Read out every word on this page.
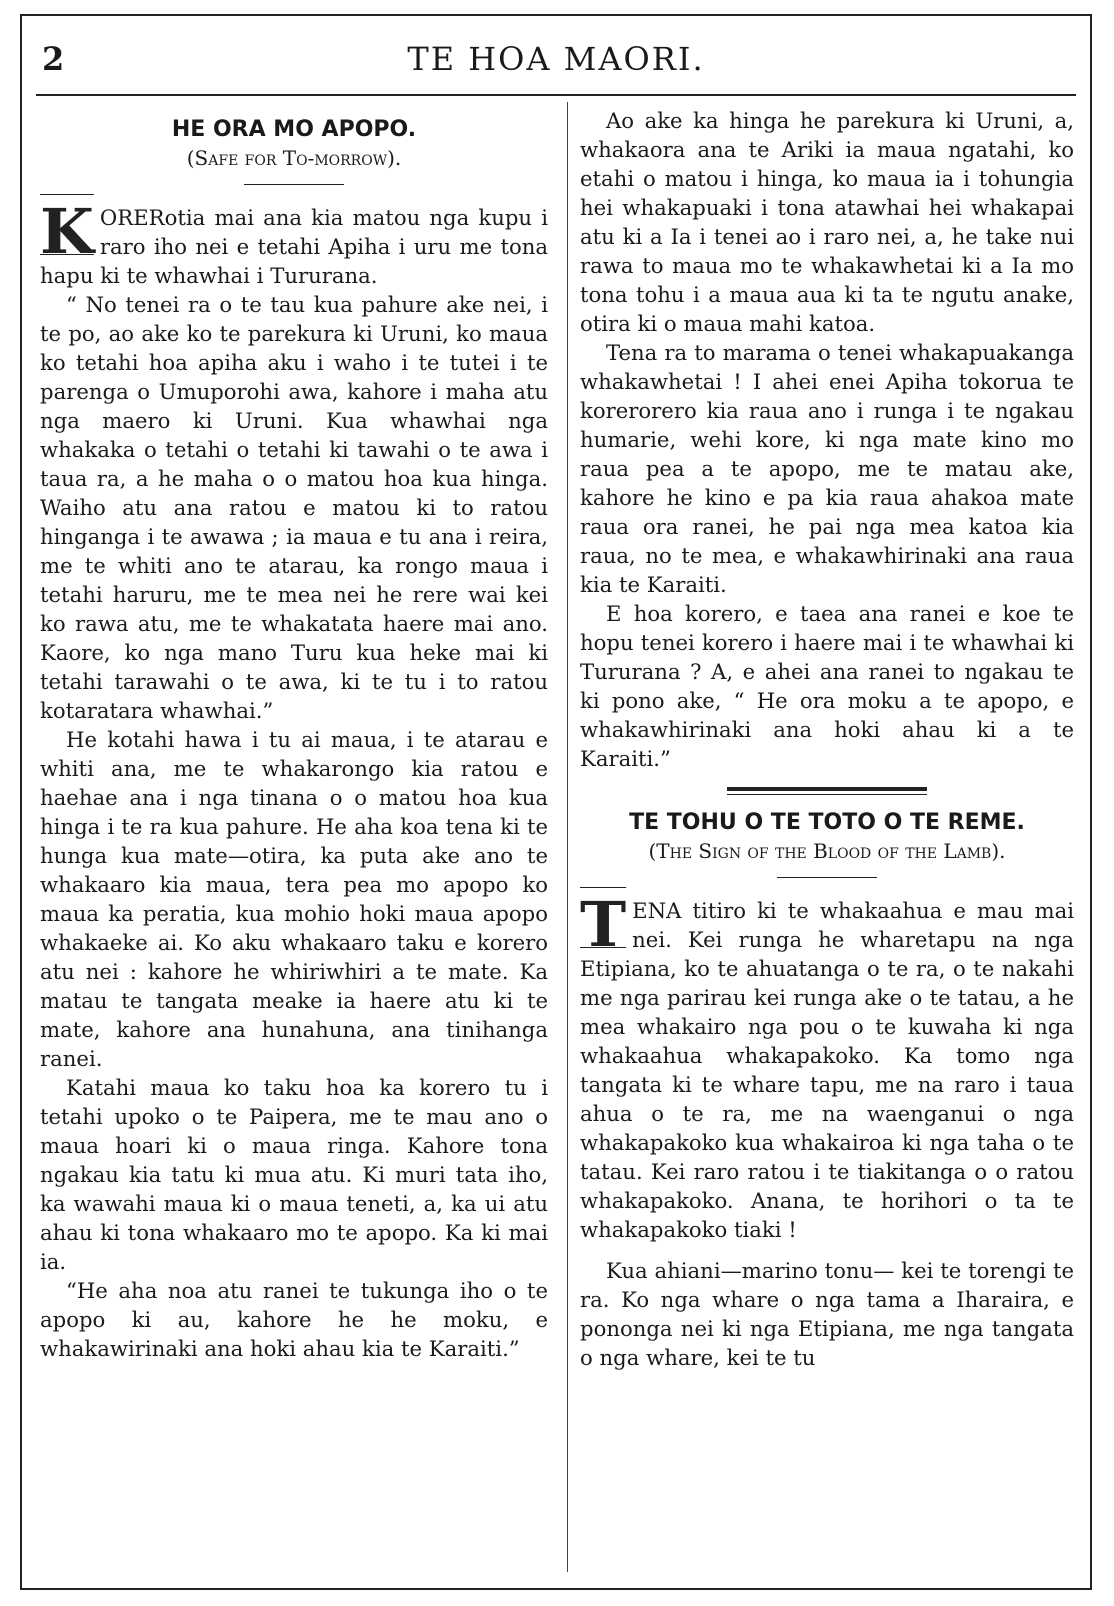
2	TE HOA MAORI.
HE ORA MO APOPO.
(Safe for To-morrow).

K ORERotia mai ana kia matou nga kupu i raro iho nei e tetahi Apiha i uru me tona hapu ki te whawhai i Tururana.

“ No tenei ra o te tau kua pahure ake nei, i te po, ao ake ko te parekura ki Uruni, ko maua ko tetahi hoa apiha aku i waho i te tutei i te parenga o Umuporohi awa, kahore i maha atu nga maero ki Uruni. Kua whawhai nga whakaka o tetahi o tetahi ki tawahi o te awa i taua ra, a he maha o o matou hoa kua hinga. Waiho atu ana ratou e matou ki to ratou hinganga i te awawa ; ia maua e tu ana i reira, me te whiti ano te atarau, ka rongo maua i tetahi haruru, me te mea nei he rere wai kei ko rawa atu, me te whakatata haere mai ano. Kaore, ko nga mano Turu kua heke mai ki tetahi tarawahi o te awa, ki te tu i to ratou kotaratara whawhai.”

He kotahi hawa i tu ai maua, i te atarau e whiti ana, me te whakarongo kia ratou e haehae ana i nga tinana o o matou hoa kua hinga i te ra kua pahure. He aha koa tena ki te hunga kua mate—otira, ka puta ake ano te whakaaro kia maua, tera pea mo apopo ko maua ka peratia, kua mohio hoki maua apopo whakaeke ai. Ko aku whakaaro taku e korero atu nei : kahore he whiriwhiri a te mate. Ka matau te tangata meake ia haere atu ki te mate, kahore ana hunahuna, ana tinihanga ranei.

Katahi maua ko taku hoa ka korero tu i tetahi upoko o te Paipera, me te mau ano o maua hoari ki o maua ringa. Kahore tona ngakau kia tatu ki mua atu. Ki muri tata iho, ka wawahi maua ki o maua teneti, a, ka ui atu ahau ki tona whakaaro mo te apopo. Ka ki mai ia.

“He aha noa atu ranei te tukunga iho o te apopo ki au, kahore he he moku, e whakawirinaki ana hoki ahau kia te Karaiti.”

Ao ake ka hinga he parekura ki Uruni, a, whakaora ana te Ariki ia maua ngatahi, ko etahi o matou i hinga, ko maua ia i tohungia hei whakapuaki i tona atawhai hei whakapai atu ki a Ia i tenei ao i raro nei, a, he take nui rawa to maua mo te whakawhetai ki a Ia mo tona tohu i a maua aua ki ta te ngutu anake, otira ki o maua mahi katoa.

Tena ra to marama o tenei whakapuakanga whakawhetai ! I ahei enei Apiha tokorua te korerorero kia raua ano i runga i te ngakau humarie, wehi kore, ki nga mate kino mo raua pea a te apopo, me te matau ake, kahore he kino e pa kia raua ahakoa mate raua ora ranei, he pai nga mea katoa kia raua, no te mea, e whakawhirinaki ana raua kia te Karaiti.

E hoa korero, e taea ana ranei e koe te hopu tenei korero i haere mai i te whawhai ki Tururana ? A, e ahei ana ranei to ngakau te ki pono ake, “ He ora moku a te apopo, e whakawhirinaki ana hoki ahau ki a te Karaiti.”

TE TOHU O TE TOTO O TE REME.
(The Sign of the Blood of the Lamb).

TENA titiro ki te whakaahua e mau mai nei. Kei runga he wharetapu na nga Etipiana, ko te ahuatanga o te ra, o te nakahi me nga parirau kei runga ake o te tatau, a he mea whakairo nga pou o te kuwaha ki nga whakaahua whakapakoko. Ka tomo nga tangata ki te whare tapu, me na raro i taua ahua o te ra, me na waenganui o nga whakapakoko kua whakairoa ki nga taha o te tatau. Kei raro ratou i te tiakitanga o o ratou whakapakoko. Anana, te horihori o ta te whakapakoko tiaki !

Kua ahiani—marino tonu— kei te torengi te ra. Ko nga whare o nga tama a Iharaira, e pononga nei ki nga Etipiana, me nga tangata o nga whare, kei te tu
